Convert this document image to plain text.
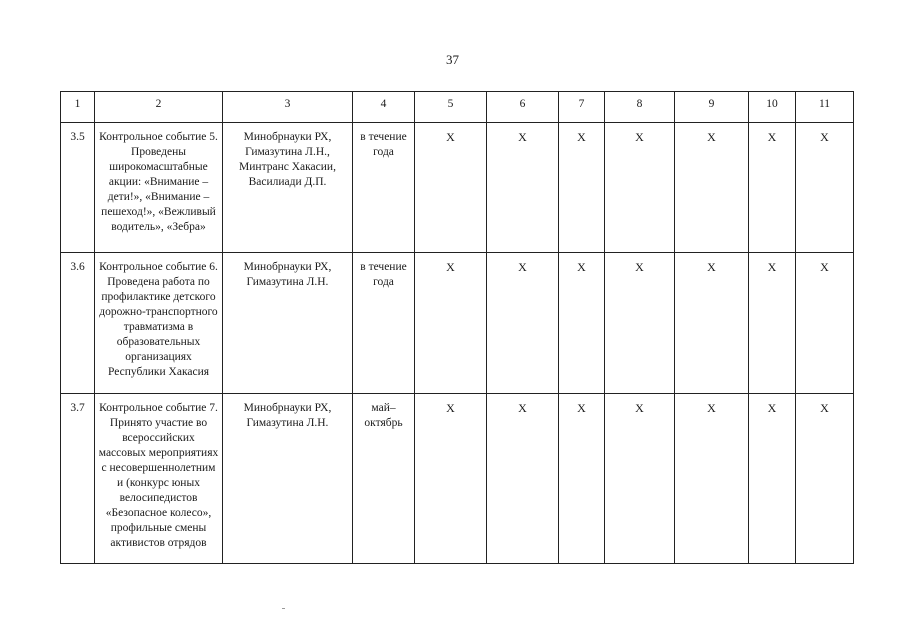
37
1	2	3	4	5	6	7	8	9	10	11
3.5	Контрольное событие 5. Проведены широкомасштабные акции: «Внимание – дети!», «Внимание – пешеход!», «Вежливый водитель», «Зебра»	Минобрнауки РХ, Гимазутина Л.Н., Минтранс Хакасии, Василиади Д.П.	в течение года	Х	Х	Х	Х	Х	Х	Х
3.6	Контрольное событие 6. Проведена работа по профилактике детского дорожно-транспортного травматизма в образовательных организациях Республики Хакасия	Минобрнауки РХ, Гимазутина Л.Н.	в течение года	Х	Х	Х	Х	Х	Х	Х
3.7	Контрольное событие 7. Принято участие во всероссийских массовых мероприятиях с несовершеннолетним и (конкурс юных велосипедистов «Безопасное колесо», профильные смены активистов отрядов	Минобрнауки РХ, Гимазутина Л.Н.	май–октябрь	Х	Х	Х	Х	Х	Х	Х
